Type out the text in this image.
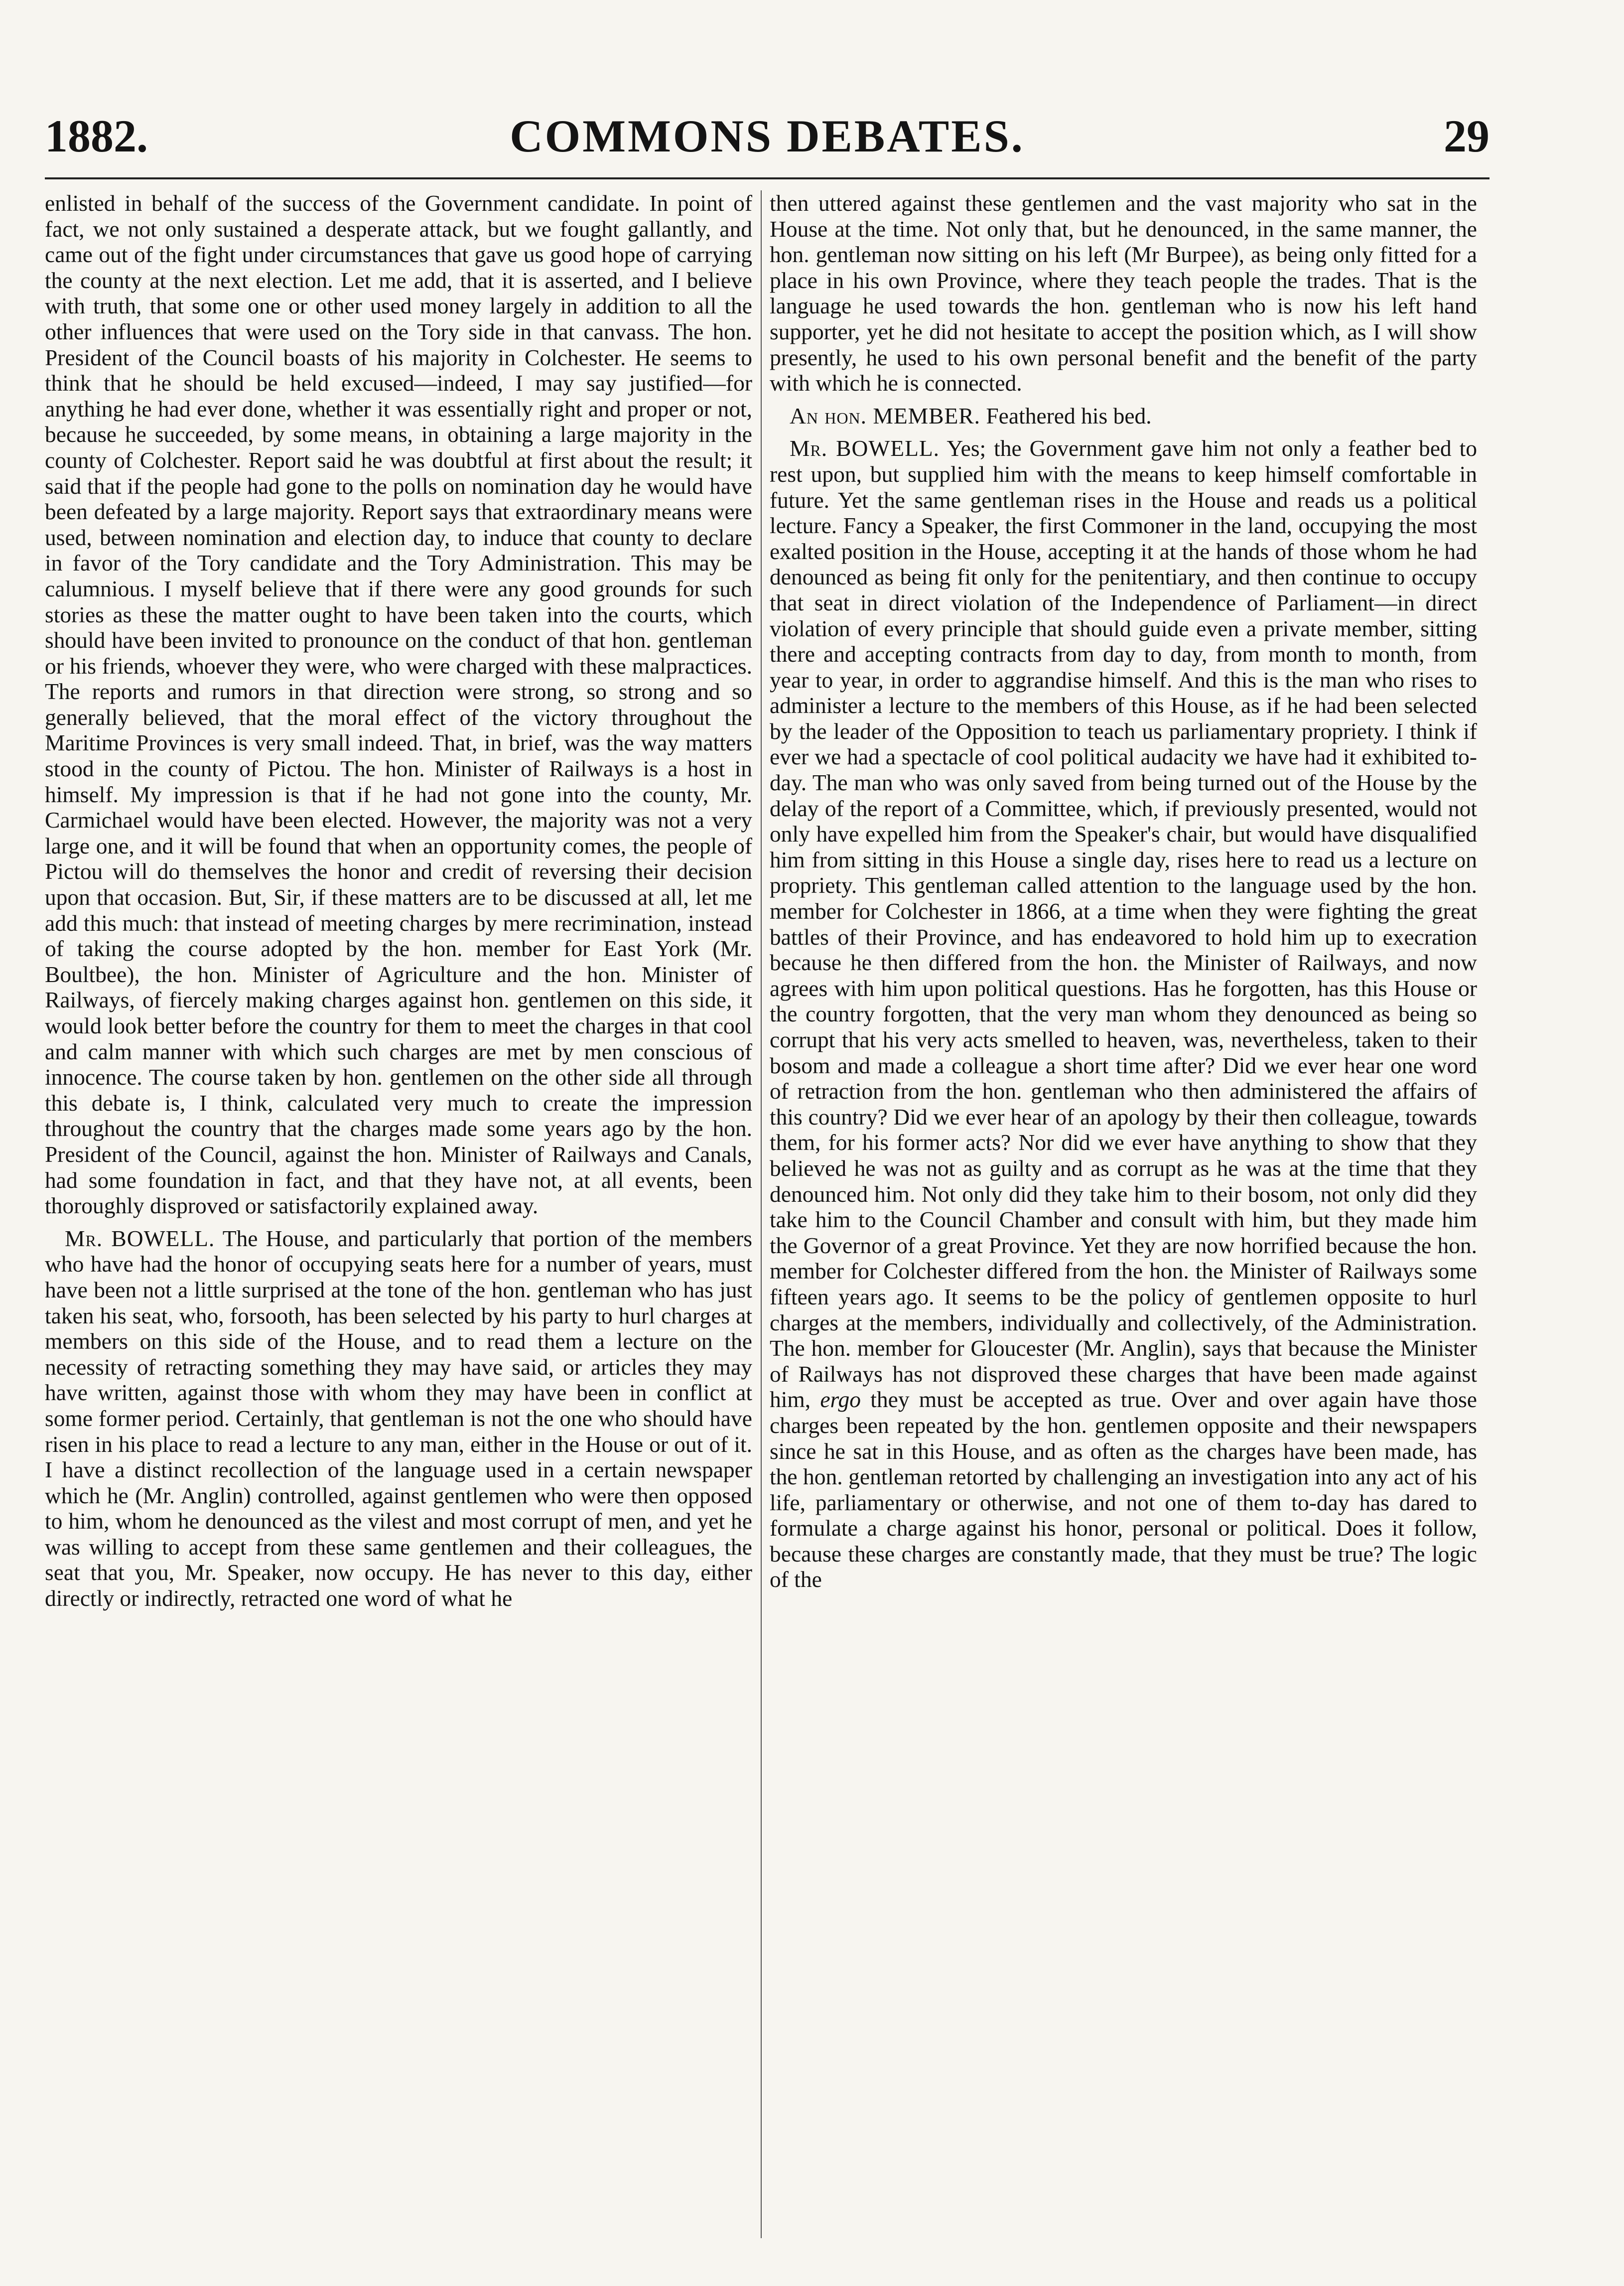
1882.	COMMONS DEBATES.	29

enlisted in behalf of the success of the Government candidate. In point of fact, we not only sustained a desperate attack, but we fought gallantly, and came out of the fight under circumstances that gave us good hope of carrying the county at the next election. Let me add, that it is asserted, and I believe with truth, that some one or other used money largely in addition to all the other influences that were used on the Tory side in that canvass. The hon. President of the Council boasts of his majority in Colchester. He seems to think that he should be held excused—indeed, I may say justified—for anything he had ever done, whether it was essentially right and proper or not, because he succeeded, by some means, in obtaining a large majority in the county of Colchester. Report said he was doubtful at first about the result; it said that if the people had gone to the polls on nomination day he would have been defeated by a large majority. Report says that extraordinary means were used, between nomination and election day, to induce that county to declare in favor of the Tory candidate and the Tory Administration. This may be calumnious. I myself believe that if there were any good grounds for such stories as these the matter ought to have been taken into the courts, which should have been invited to pronounce on the conduct of that hon. gentleman or his friends, whoever they were, who were charged with these malpractices. The reports and rumors in that direction were strong, so strong and so generally believed, that the moral effect of the victory throughout the Maritime Provinces is very small indeed. That, in brief, was the way matters stood in the county of Pictou. The hon. Minister of Railways is a host in himself. My impression is that if he had not gone into the county, Mr. Carmichael would have been elected. However, the majority was not a very large one, and it will be found that when an opportunity comes, the people of Pictou will do themselves the honor and credit of reversing their decision upon that occasion. But, Sir, if these matters are to be discussed at all, let me add this much: that instead of meeting charges by mere recrimination, instead of taking the course adopted by the hon. member for East York (Mr. Boultbee), the hon. Minister of Agriculture and the hon. Minister of Railways, of fiercely making charges against hon. gentlemen on this side, it would look better before the country for them to meet the charges in that cool and calm manner with which such charges are met by men conscious of innocence. The course taken by hon. gentlemen on the other side all through this debate is, I think, calculated very much to create the impression throughout the country that the charges made some years ago by the hon. President of the Council, against the hon. Minister of Railways and Canals, had some foundation in fact, and that they have not, at all events, been thoroughly disproved or satisfactorily explained away.

Mr. BOWELL. The House, and particularly that portion of the members who have had the honor of occupying seats here for a number of years, must have been not a little surprised at the tone of the hon. gentleman who has just taken his seat, who, forsooth, has been selected by his party to hurl charges at members on this side of the House, and to read them a lecture on the necessity of retracting something they may have said, or articles they may have written, against those with whom they may have been in conflict at some former period. Certainly, that gentleman is not the one who should have risen in his place to read a lecture to any man, either in the House or out of it. I have a distinct recollection of the language used in a certain newspaper which he (Mr. Anglin) controlled, against gentlemen who were then opposed to him, whom he denounced as the vilest and most corrupt of men, and yet he was willing to accept from these same gentlemen and their colleagues, the seat that you, Mr. Speaker, now occupy. He has never to this day, either directly or indirectly, retracted one word of what he

then uttered against these gentlemen and the vast majority who sat in the House at the time. Not only that, but he denounced, in the same manner, the hon. gentleman now sitting on his left (Mr Burpee), as being only fitted for a place in his own Province, where they teach people the trades. That is the language he used towards the hon. gentleman who is now his left hand supporter, yet he did not hesitate to accept the position which, as I will show presently, he used to his own personal benefit and the benefit of the party with which he is connected.

An hon. MEMBER. Feathered his bed.

Mr. BOWELL. Yes; the Government gave him not only a feather bed to rest upon, but supplied him with the means to keep himself comfortable in future. Yet the same gentleman rises in the House and reads us a political lecture. Fancy a Speaker, the first Commoner in the land, occupying the most exalted position in the House, accepting it at the hands of those whom he had denounced as being fit only for the penitentiary, and then continue to occupy that seat in direct violation of the Independence of Parliament—in direct violation of every principle that should guide even a private member, sitting there and accepting contracts from day to day, from month to month, from year to year, in order to aggrandise himself. And this is the man who rises to administer a lecture to the members of this House, as if he had been selected by the leader of the Opposition to teach us parliamentary propriety. I think if ever we had a spectacle of cool political audacity we have had it exhibited to-day. The man who was only saved from being turned out of the House by the delay of the report of a Committee, which, if previously presented, would not only have expelled him from the Speaker's chair, but would have disqualified him from sitting in this House a single day, rises here to read us a lecture on propriety. This gentleman called attention to the language used by the hon. member for Colchester in 1866, at a time when they were fighting the great battles of their Province, and has endeavored to hold him up to execration because he then differed from the hon. the Minister of Railways, and now agrees with him upon political questions. Has he forgotten, has this House or the country forgotten, that the very man whom they denounced as being so corrupt that his very acts smelled to heaven, was, nevertheless, taken to their bosom and made a colleague a short time after? Did we ever hear one word of retraction from the hon. gentleman who then administered the affairs of this country? Did we ever hear of an apology by their then colleague, towards them, for his former acts? Nor did we ever have anything to show that they believed he was not as guilty and as corrupt as he was at the time that they denounced him. Not only did they take him to their bosom, not only did they take him to the Council Chamber and consult with him, but they made him the Governor of a great Province. Yet they are now horrified because the hon. member for Colchester differed from the hon. the Minister of Railways some fifteen years ago. It seems to be the policy of gentlemen opposite to hurl charges at the members, individually and collectively, of the Administration. The hon. member for Gloucester (Mr. Anglin), says that because the Minister of Railways has not disproved these charges that have been made against him, ergo they must be accepted as true. Over and over again have those charges been repeated by the hon. gentlemen opposite and their newspapers since he sat in this House, and as often as the charges have been made, has the hon. gentleman retorted by challenging an investigation into any act of his life, parliamentary or otherwise, and not one of them to-day has dared to formulate a charge against his honor, personal or political. Does it follow, because these charges are constantly made, that they must be true? The logic of the
